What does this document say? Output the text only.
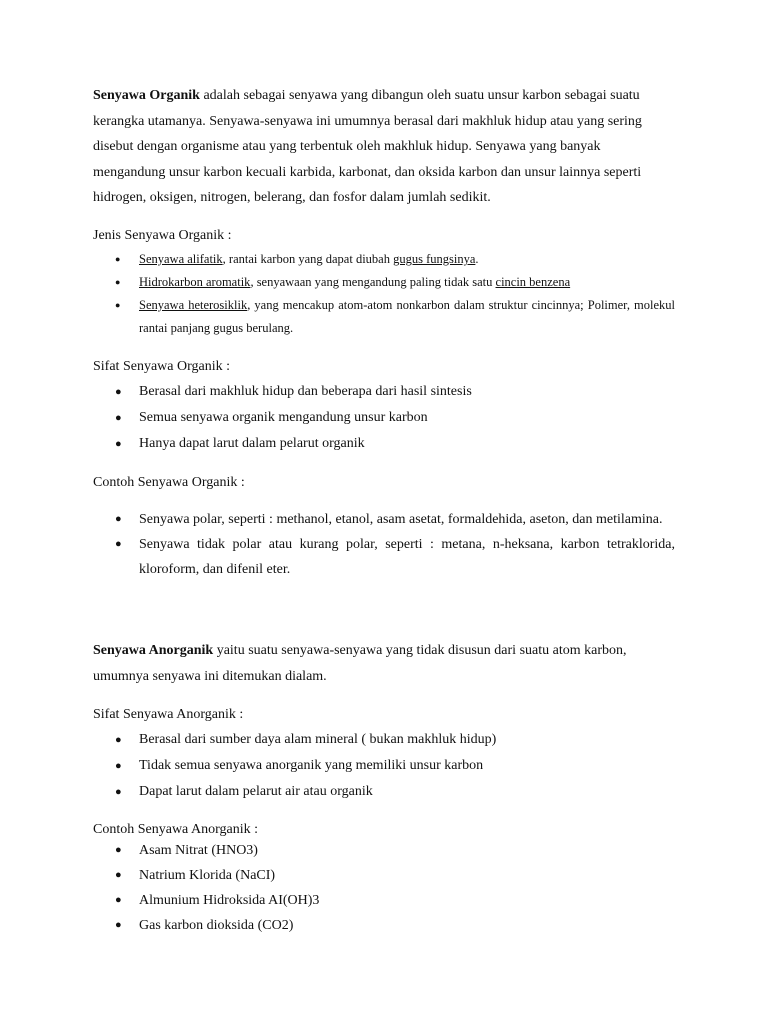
Senyawa Organik adalah sebagai senyawa yang dibangun oleh suatu unsur karbon sebagai suatu kerangka utamanya. Senyawa-senyawa ini umumnya berasal dari makhluk hidup atau yang sering disebut dengan organisme atau yang terbentuk oleh makhluk hidup. Senyawa yang banyak mengandung unsur karbon kecuali karbida, karbonat, dan oksida karbon dan unsur lainnya seperti hidrogen, oksigen, nitrogen, belerang, dan fosfor dalam jumlah sedikit.

Jenis Senyawa Organik :

● Senyawa alifatik, rantai karbon yang dapat diubah gugus fungsinya.
● Hidrokarbon aromatik, senyawaan yang mengandung paling tidak satu cincin benzena
● Senyawa heterosiklik, yang mencakup atom-atom nonkarbon dalam struktur cincinnya; Polimer, molekul rantai panjang gugus berulang.

Sifat Senyawa Organik :

● Berasal dari makhluk hidup dan beberapa dari hasil sintesis
● Semua senyawa organik mengandung unsur karbon
● Hanya dapat larut dalam pelarut organik

Contoh Senyawa Organik :

● Senyawa polar, seperti : methanol, etanol, asam asetat, formaldehida, aseton, dan metilamina.
● Senyawa tidak polar atau kurang polar, seperti : metana, n-heksana, karbon tetraklorida, kloroform, dan difenil eter.

Senyawa Anorganik yaitu suatu senyawa-senyawa yang tidak disusun dari suatu atom karbon, umumnya senyawa ini ditemukan dialam.

Sifat Senyawa Anorganik :

● Berasal dari sumber daya alam mineral ( bukan makhluk hidup)
● Tidak semua senyawa anorganik yang memiliki unsur karbon
● Dapat larut dalam pelarut air atau organik

Contoh Senyawa Anorganik :

● Asam Nitrat (HNO3)
● Natrium Klorida (NaCI)
● Almunium Hidroksida AI(OH)3
● Gas karbon dioksida (CO2)
